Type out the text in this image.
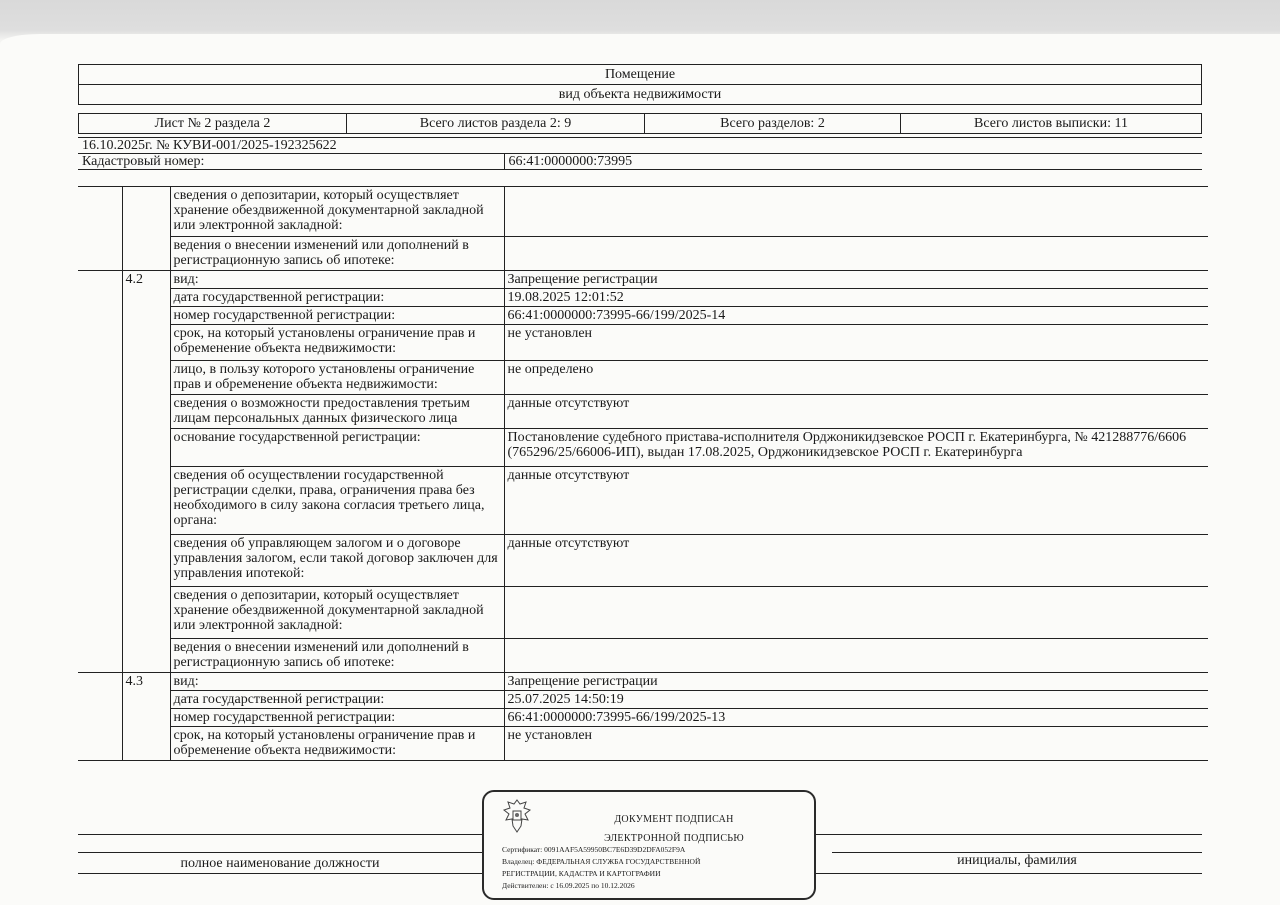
Помещение
вид объекта недвижимости

Лист № 2 раздела 2	Всего листов раздела 2: 9	Всего разделов: 2	Всего листов выписки: 11
16.10.2025г. № КУВИ-001/2025-192325622
Кадастровый номер:	66:41:0000000:73995
		сведения о депозитарии, который осуществляет хранение обездвиженной документарной закладной или электронной закладной:	
		ведения о внесении изменений или дополнений в регистрационную запись об ипотеке:	
	4.2	вид:	Запрещение регистрации
		дата государственной регистрации:	19.08.2025 12:01:52
		номер государственной регистрации:	66:41:0000000:73995-66/199/2025-14
		срок, на который установлены ограничение прав и обременение объекта недвижимости:	не установлен
		лицо, в пользу которого установлены ограничение прав и обременение объекта недвижимости:	не определено
		сведения о возможности предоставления третьим лицам персональных данных физического лица	данные отсутствуют
		основание государственной регистрации:	Постановление судебного пристава-исполнителя Орджоникидзевское РОСП г. Екатеринбурга, № 421288776/6606 (765296/25/66006-ИП), выдан 17.08.2025, Орджоникидзевское РОСП г. Екатеринбурга
		сведения об осуществлении государственной регистрации сделки, права, ограничения права без необходимого в силу закона согласия третьего лица, органа:	данные отсутствуют
		сведения об управляющем залогом и о договоре управления залогом, если такой договор заключен для управления ипотекой:	данные отсутствуют
		сведения о депозитарии, который осуществляет хранение обездвиженной документарной закладной или электронной закладной:	
		ведения о внесении изменений или дополнений в регистрационную запись об ипотеке:	
	4.3	вид:	Запрещение регистрации
		дата государственной регистрации:	25.07.2025 14:50:19
		номер государственной регистрации:	66:41:0000000:73995-66/199/2025-13
		срок, на который установлены ограничение прав и обременение объекта недвижимости:	не установлен
полное наименование должности	инициалы, фамилия
ДОКУМЕНТ ПОДПИСАН
ЭЛЕКТРОННОЙ ПОДПИСЬЮ
Сертификат: 0091AAF5A59950ВС7Е6D39D2DFA052F9A
Владелец: ФЕДЕРАЛЬНАЯ СЛУЖБА ГОСУДАРСТВЕННОЙ
РЕГИСТРАЦИИ, КАДАСТРА И КАРТОГРАФИИ
Действителен: с 16.09.2025 по 10.12.2026
